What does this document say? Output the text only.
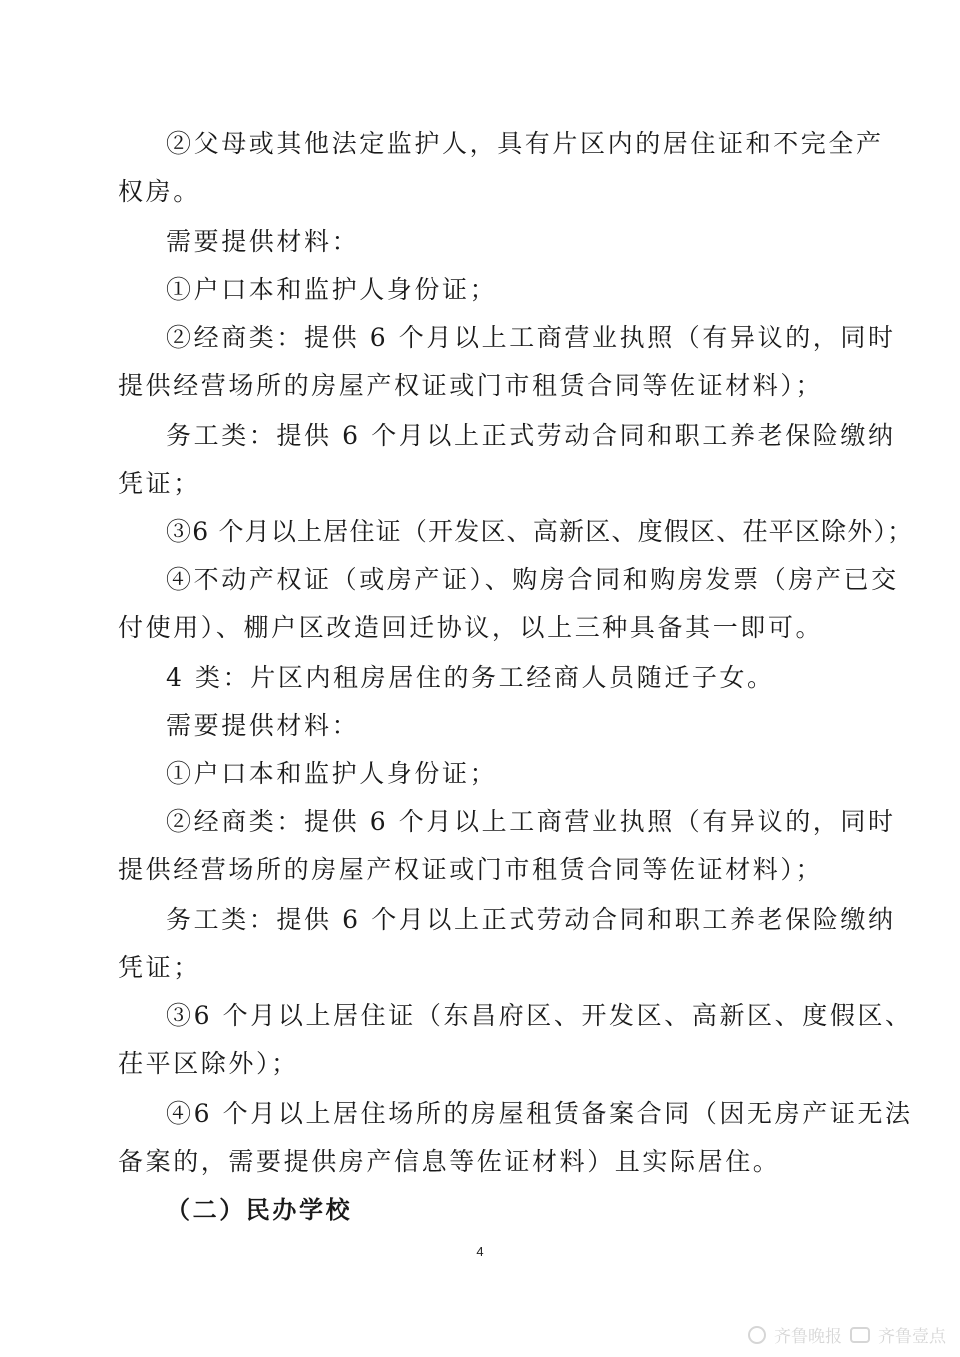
②父母或其他法定监护人，具有片区内的居住证和不完全产
权房。
需要提供材料：
①户口本和监护人身份证；
②经商类：提供 6 个月以上工商营业执照（有异议的，同时
提供经营场所的房屋产权证或门市租赁合同等佐证材料）；
务工类：提供 6 个月以上正式劳动合同和职工养老保险缴纳
凭证；
③6 个月以上居住证（开发区、高新区、度假区、茌平区除外）；
④不动产权证（或房产证）、购房合同和购房发票（房产已交
付使用）、棚户区改造回迁协议，以上三种具备其一即可。
4 类：片区内租房居住的务工经商人员随迁子女。
需要提供材料：
①户口本和监护人身份证；
②经商类：提供 6 个月以上工商营业执照（有异议的，同时
提供经营场所的房屋产权证或门市租赁合同等佐证材料）；
务工类：提供 6 个月以上正式劳动合同和职工养老保险缴纳
凭证；
③6 个月以上居住证（东昌府区、开发区、高新区、度假区、
茌平区除外）；
④6 个月以上居住场所的房屋租赁备案合同（因无房产证无法
备案的，需要提供房产信息等佐证材料）且实际居住。
（二）民办学校
4
齐鲁晚报 齐鲁壹点
